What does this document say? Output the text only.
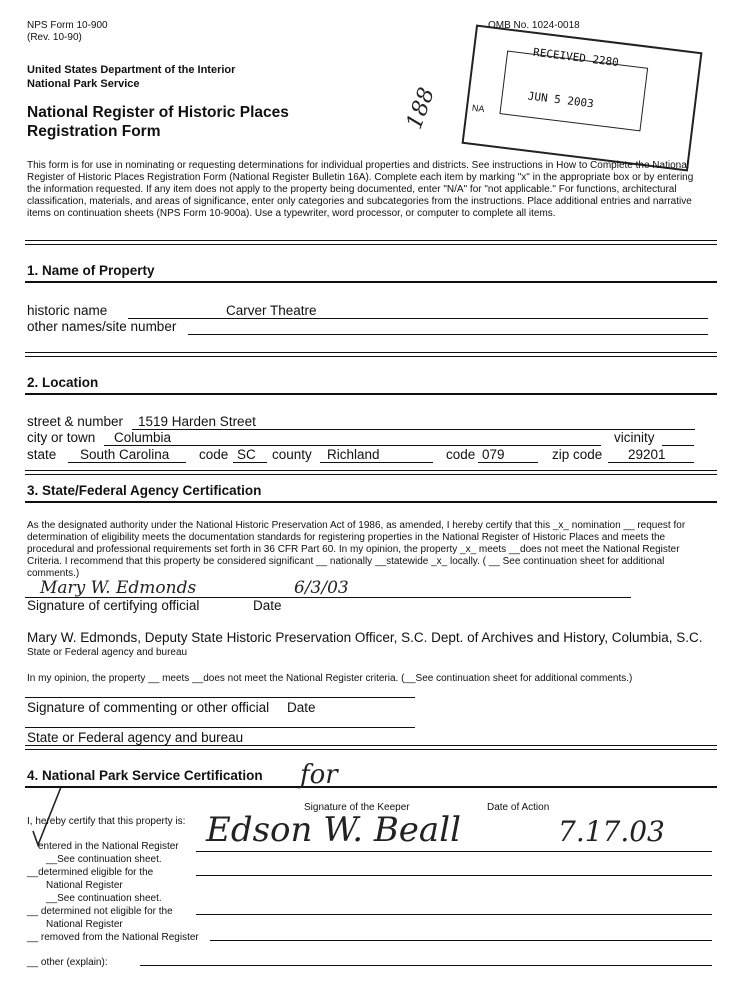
NPS Form 10-900
(Rev. 10-90)
OMB No. 1024-0018
United States Department of the Interior
National Park Service
National Register of Historic Places
Registration Form
RECEIVED 2280
JUN 5 2003
NA
188
This form is for use in nominating or requesting determinations for individual properties and districts. See instructions in How to Complete the National
Register of Historic Places Registration Form (National Register Bulletin 16A). Complete each item by marking "x" in the appropriate box or by entering
the information requested. If any item does not apply to the property being documented, enter "N/A" for "not applicable." For functions, architectural
classification, materials, and areas of significance, enter only categories and subcategories from the instructions. Place additional entries and narrative
items on continuation sheets (NPS Form 10-900a). Use a typewriter, word processor, or computer to complete all items.
1. Name of Property
historic name	Carver Theatre
other names/site number
2. Location
street & number 1519 Harden Street
city or town Columbia	vicinity
state South Carolina code SC county Richland	code 079	zip code 29201
3. State/Federal Agency Certification
As the designated authority under the National Historic Preservation Act of 1986, as amended, I hereby certify that this _x_ nomination __ request for
determination of eligibility meets the documentation standards for registering properties in the National Register of Historic Places and meets the
procedural and professional requirements set forth in 36 CFR Part 60. In my opinion, the property _x_ meets __does not meet the National Register
Criteria. I recommend that this property be considered significant __ nationally __statewide _x_ locally. ( __ See continuation sheet for additional
comments.)
Mary W. Edmonds	6/3/03
Signature of certifying official	Date
Mary W. Edmonds, Deputy State Historic Preservation Officer, S.C. Dept. of Archives and History, Columbia, S.C.
State or Federal agency and bureau
In my opinion, the property __ meets __does not meet the National Register criteria. (__See continuation sheet for additional comments.)
Signature of commenting or other official Date
State or Federal agency and bureau
4. National Park Service Certification for
I, hereby certify that this property is:
Signature of the Keeper	Date of Action
Edson W. Beall	7.17.03
entered in the National Register
__See continuation sheet.
__determined eligible for the
National Register
__See continuation sheet.
__ determined not eligible for the
National Register
__ removed from the National Register
__ other (explain):
